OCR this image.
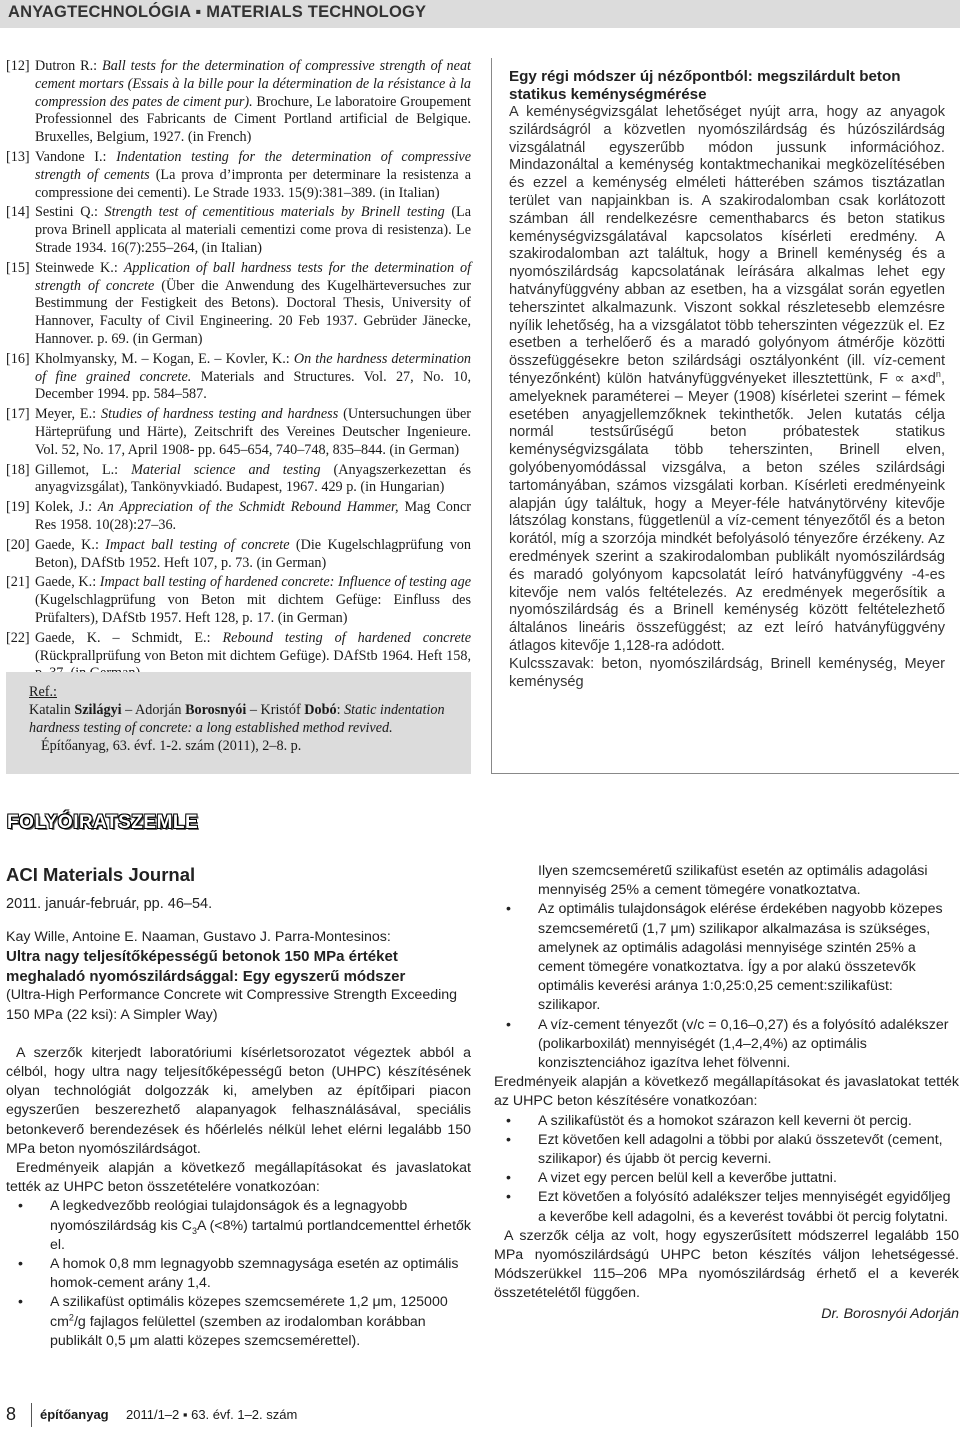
ANYAGTECHNOLÓGIA ▪ MATERIALS TECHNOLOGY
[12] Dutron R.: Ball tests for the determination of compressive strength of neat cement mortars (Essais à la bille pour la détermination de la résistance à la compression des pates de ciment pur). Brochure, Le laboratoire Groupement Professionnel des Fabricants de Ciment Portland artificial de Belgique. Bruxelles, Belgium, 1927. (in French)
[13] Vandone I.: Indentation testing for the determination of compressive strength of cements (La prova d’impronta per determinare la resistenza a compressione dei cementi). Le Strade 1933. 15(9):381–389. (in Italian)
[14] Sestini Q.: Strength test of cementitious materials by Brinell testing (La prova Brinell applicata al materiali cementizi come prova di resistenza). Le Strade 1934. 16(7):255–264, (in Italian)
[15] Steinwede K.: Application of ball hardness tests for the determination of strength of concrete (Über die Anwendung des Kugelhärteversuches zur Bestimmung der Festigkeit des Betons). Doctoral Thesis, University of Hannover, Faculty of Civil Engineering. 20 Feb 1937. Gebrüder Jänecke, Hannover. p. 69. (in German)
[16] Kholmyansky, M. – Kogan, E. – Kovler, K.: On the hardness determination of fine grained concrete. Materials and Structures. Vol. 27, No. 10, December 1994. pp. 584–587.
[17] Meyer, E.: Studies of hardness testing and hardness (Untersuchungen über Härteprüfung und Härte), Zeitschrift des Vereines Deutscher Ingenieure. Vol. 52, No. 17, April 1908- pp. 645–654, 740–748, 835–844. (in German)
[18] Gillemot, L.: Material science and testing (Anyagszerkezettan és anyagvizsgálat), Tankönyvkiadó. Budapest, 1967. 429 p. (in Hungarian)
[19] Kolek, J.: An Appreciation of the Schmidt Rebound Hammer, Mag Concr Res 1958. 10(28):27–36.
[20] Gaede, K.: Impact ball testing of concrete (Die Kugelschlagprüfung von Beton), DAfStb 1952. Heft 107, p. 73. (in German)
[21] Gaede, K.: Impact ball testing of hardened concrete: Influence of testing age (Kugelschlagprüfung von Beton mit dichtem Gefüge: Einfluss des Prüfalters), DAfStb 1957. Heft 128, p. 17. (in German)
[22] Gaede, K. – Schmidt, E.: Rebound testing of hardened concrete (Rückprallprüfung von Beton mit dichtem Gefüge). DAfStb 1964. Heft 158,
Ref.:
Katalin Szilágyi – Adorján Borosnyói – Kristóf Dobó: Static indentation hardness testing of concrete: a long established method revived.
Építőanyag, 63. évf. 1-2. szám (2011), 2–8. p.
Egy régi módszer új nézőpontból: megszilárdult beton statikus keménységmérése

A keménységvizsgálat lehetőséget nyújt arra, hogy az anyagok szilárdságról a közvetlen nyomószilárdság és húzószilárdság vizsgálatnál egyszerűbb módon jussunk információhoz. Mindazonáltal a keménység kontaktmechanikai megközelítésében és ezzel a keménység elméleti hátterében számos tisztázatlan terület van napjainkban is. A szakirodalomban csak korlátozott számban áll rendelkezésre cementhabarcs és beton statikus keménységvizsgálatával kapcsolatos kísérleti eredmény. A szakirodalomban azt találtuk, hogy a Brinell keménység és a nyomószilárdság kapcsolatának leírására alkalmas lehet egy hatványfüggvény abban az esetben, ha a vizsgálat során egyetlen teherszintet alkalmazunk. Viszont sokkal részletesebb elemzésre nyílik lehetőség, ha a vizsgálatot több teherszinten végezzük el. Ez esetben a terhelőerő és a maradó golyónyom átmérője közötti összefüggésekre beton szilárdsági osztályonként (ill. víz-cement tényezőnként) külön hatványfüggvényeket illesztettünk, $F \propto a\times d^n$, amelyeknek paraméterei – Meyer (1908) kísérletei szerint – fémek esetében anyagjellemzőknek tekinthetők. Jelen kutatás célja normál testsűrűségű beton próbatestek statikus keménységvizsgálata több teherszinten, Brinell elven, golyóbenyomódással vizsgálva, a beton széles szilárdsági tartományában, számos vizsgálati korban. Kísérleti eredményeink alapján úgy találtuk, hogy a Meyer-féle hatványtörvény kitevője látszólag konstans, függetlenül a víz-cement tényezőtől és a beton korától, míg a szorzója mindkét befolyásoló tényezőre érzékeny. Az eredmények szerint a szakirodalomban publikált nyomószilárdság és maradó golyónyom kapcsolatát leíró hatványfüggvény -4-es kitevője nem valós feltételezés. Az eredmények megerősítik a nyomószilárdság és a Brinell keménység között feltételezhető általános lineáris összefüggést; az ezt leíró hatványfüggvény átlagos kitevője 1,128-ra adódott.

Kulcsszavak: beton, nyomószilárdság, Brinell keménység, Meyer keménység

FOLYÓIRATSZEMLE
ACI Materials Journal
2011. január-február, pp. 46–54.
Kay Wille, Antoine E. Naaman, Gustavo J. Parra-Montesinos:
Ultra nagy teljesítőképességű betonok 150 MPa értéket meghaladó nyomószilárdsággal: Egy egyszerű módszer
(Ultra-High Performance Concrete wit Compressive Strength Exceeding 150 MPa (22 ksi): A Simpler Way)

A szerzők kiterjedt laboratóriumi kísérletsorozatot végeztek abból a célból, hogy ultra nagy teljesítőképességű beton (UHPC) készítésének olyan technológiát dolgozzák ki, amelyben az építőipari piacon egyszerűen beszerezhető alapanyagok felhasználásával, speciális betonkeverő berendezések és hőérlelés nélkül lehet elérni legalább 150 MPa beton nyomószilárdságot.

Eredményeik alapján a következő megállapításokat és javaslatokat tették az UHPC beton összetételére vonatkozóan:

• A legkedvezőbb reológiai tulajdonságok és a legnagyobb nyomószilárdság kis $C_3A$ (<8%) tartalmú portlandcementtel érhetők el.
• A homok 0,8 mm legnagyobb szemnagysága esetén az optimális homok-cement arány 1,4.
• A szilikafüst optimális közepes szemcsemérete 1,2 μm, 125000 $cm^2/g$ fajlagos felülettel (szemben az irodalomban korábban publikált 0,5 μm alatti közepes szemcsemérettel).
Ilyen szemcseméretű szilikafüst esetén az optimális adagolási mennyiség 25% a cement tömegére vonatkoztatva.
• Az optimális tulajdonságok elérése érdekében nagyobb közepes szemcseméretű (1,7 μm) szilikapor alkalmazása is szükséges, amelynek az optimális adagolási mennyisége szintén 25% a cement tömegére vonatkoztatva. Így a por alakú összetevők optimális keverési aránya 1:0,25:0,25 cement:szilikafüst: szilikapor.
• A víz-cement tényezőt (v/c = 0,16–0,27) és a folyósító adalékszer (polikarboxilát) mennyiségét (1,4–2,4%) az optimális konzisztenciához igazítva lehet fölvenni.

Eredményeik alapján a következő megállapításokat és javaslatokat tették az UHPC beton készítésére vonatkozóan:

• A szilikafüstöt és a homokot szárazon kell keverni öt percig.
• Ezt követően kell adagolni a többi por alakú összetevőt (cement, szilikapor) és újabb öt percig keverni.
• A vizet egy percen belül kell a keverőbe juttatni.
• Ezt követően a folyósító adalékszer teljes mennyiségét egyidőljeg a keverőbe kell adagolni, és a keverést további öt percig folytatni.

A szerzők célja az volt, hogy egyszerűsített módszerrel legalább 150 MPa nyomószilárdságú UHPC beton készítés váljon lehetségessé. Módszerükkel 115–206 MPa nyomószilárdság érhető el a keverék összetételétől függően.

Dr. Borosnyói Adorján
8 építőanyag 2011/1–2 ▪ 63. évf. 1–2. szám
